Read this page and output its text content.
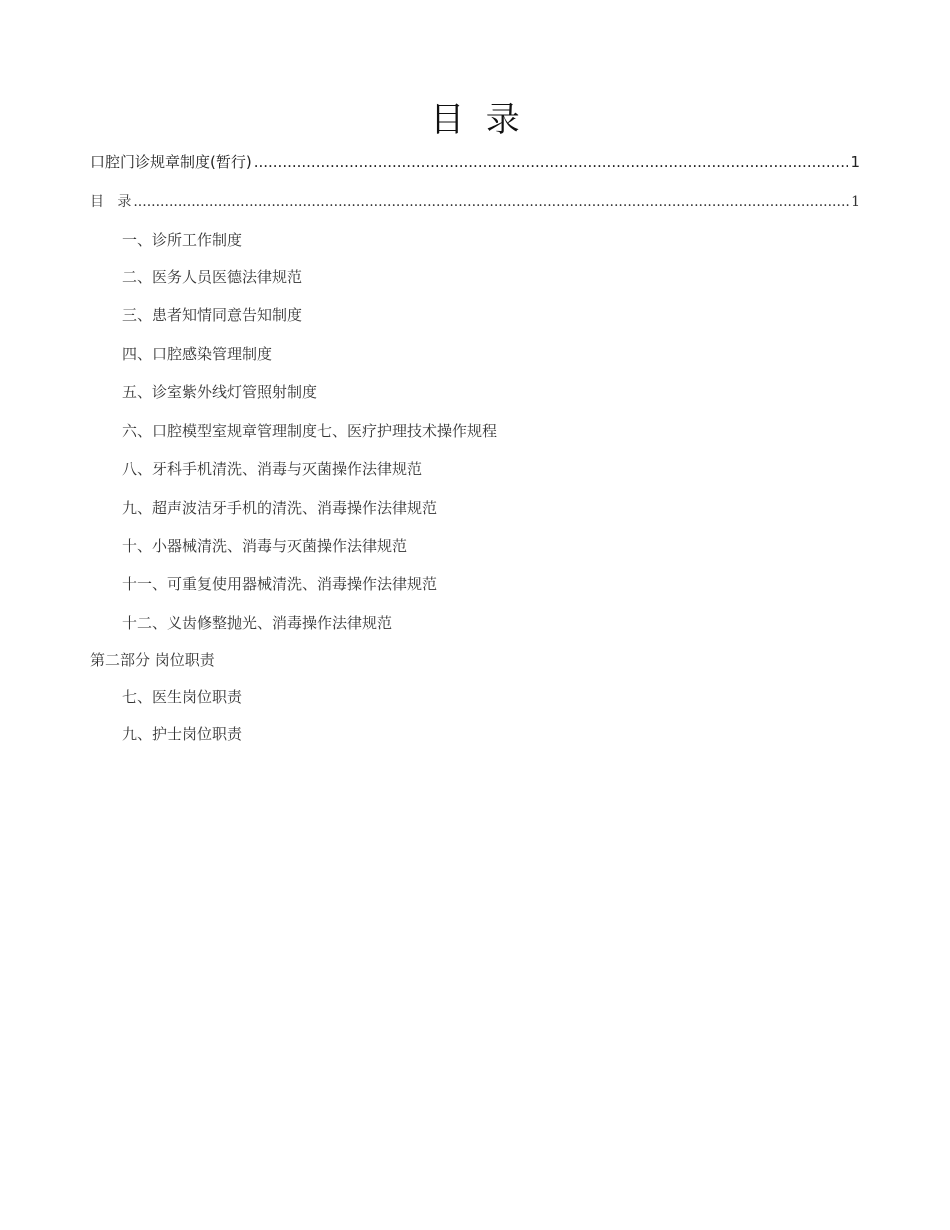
目  录
口腔门诊规章制度(暂行) .....	1
目   录 .....	1
一、诊所工作制度
二、医务人员医德法律规范
三、患者知情同意告知制度
四、口腔感染管理制度
五、诊室紫外线灯管照射制度
六、口腔模型室规章管理制度七、医疗护理技术操作规程
八、牙科手机清洗、消毒与灭菌操作法律规范
九、超声波洁牙手机的清洗、消毒操作法律规范
十、小器械清洗、消毒与灭菌操作法律规范
十一、可重复使用器械清洗、消毒操作法律规范
十二、义齿修整抛光、消毒操作法律规范
第二部分 岗位职责
七、医生岗位职责
九、护士岗位职责
